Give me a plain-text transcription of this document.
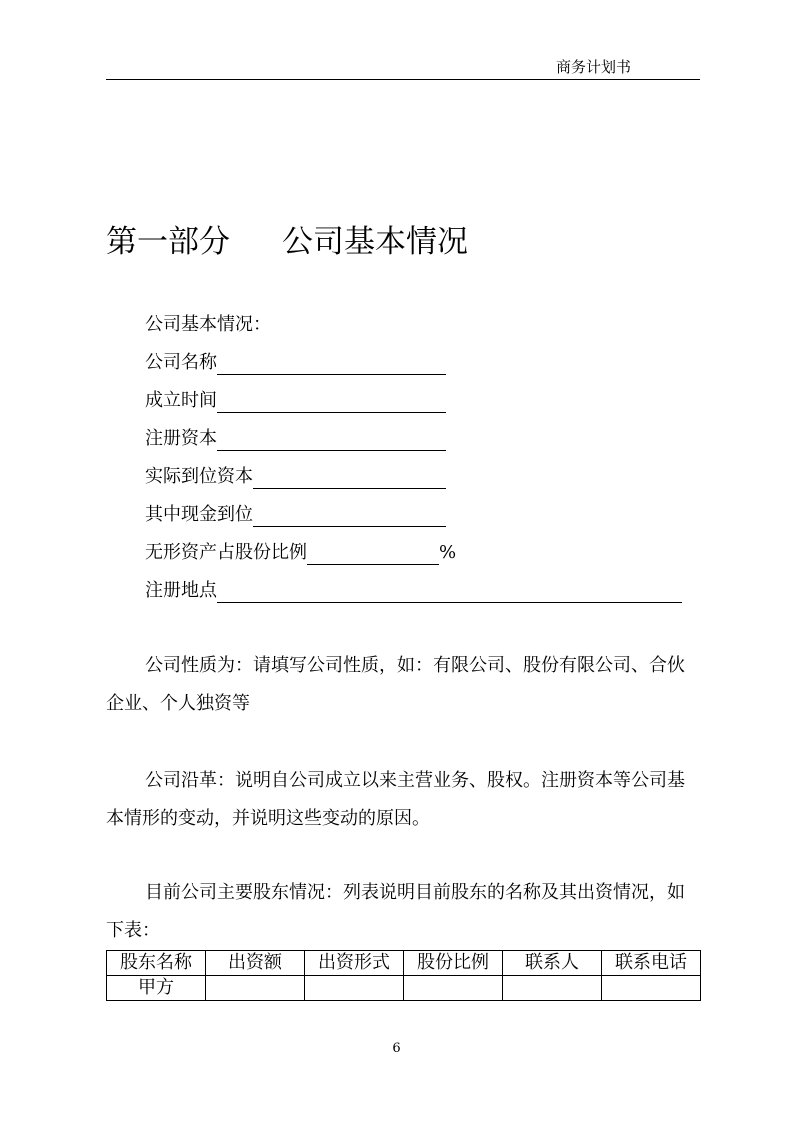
商务计划书
第一部分 公司基本情况
公司基本情况：
公司名称
成立时间
注册资本
实际到位资本
其中现金到位
无形资产占股份比例	%
注册地点
公司性质为：请填写公司性质，如：有限公司、股份有限公司、合伙企业、个人独资等
公司沿革：说明自公司成立以来主营业务、股权。注册资本等公司基本情形的变动，并说明这些变动的原因。
目前公司主要股东情况：列表说明目前股东的名称及其出资情况，如下表：
股东名称	出资额	出资形式	股份比例	联系人	联系电话
甲方					
6
